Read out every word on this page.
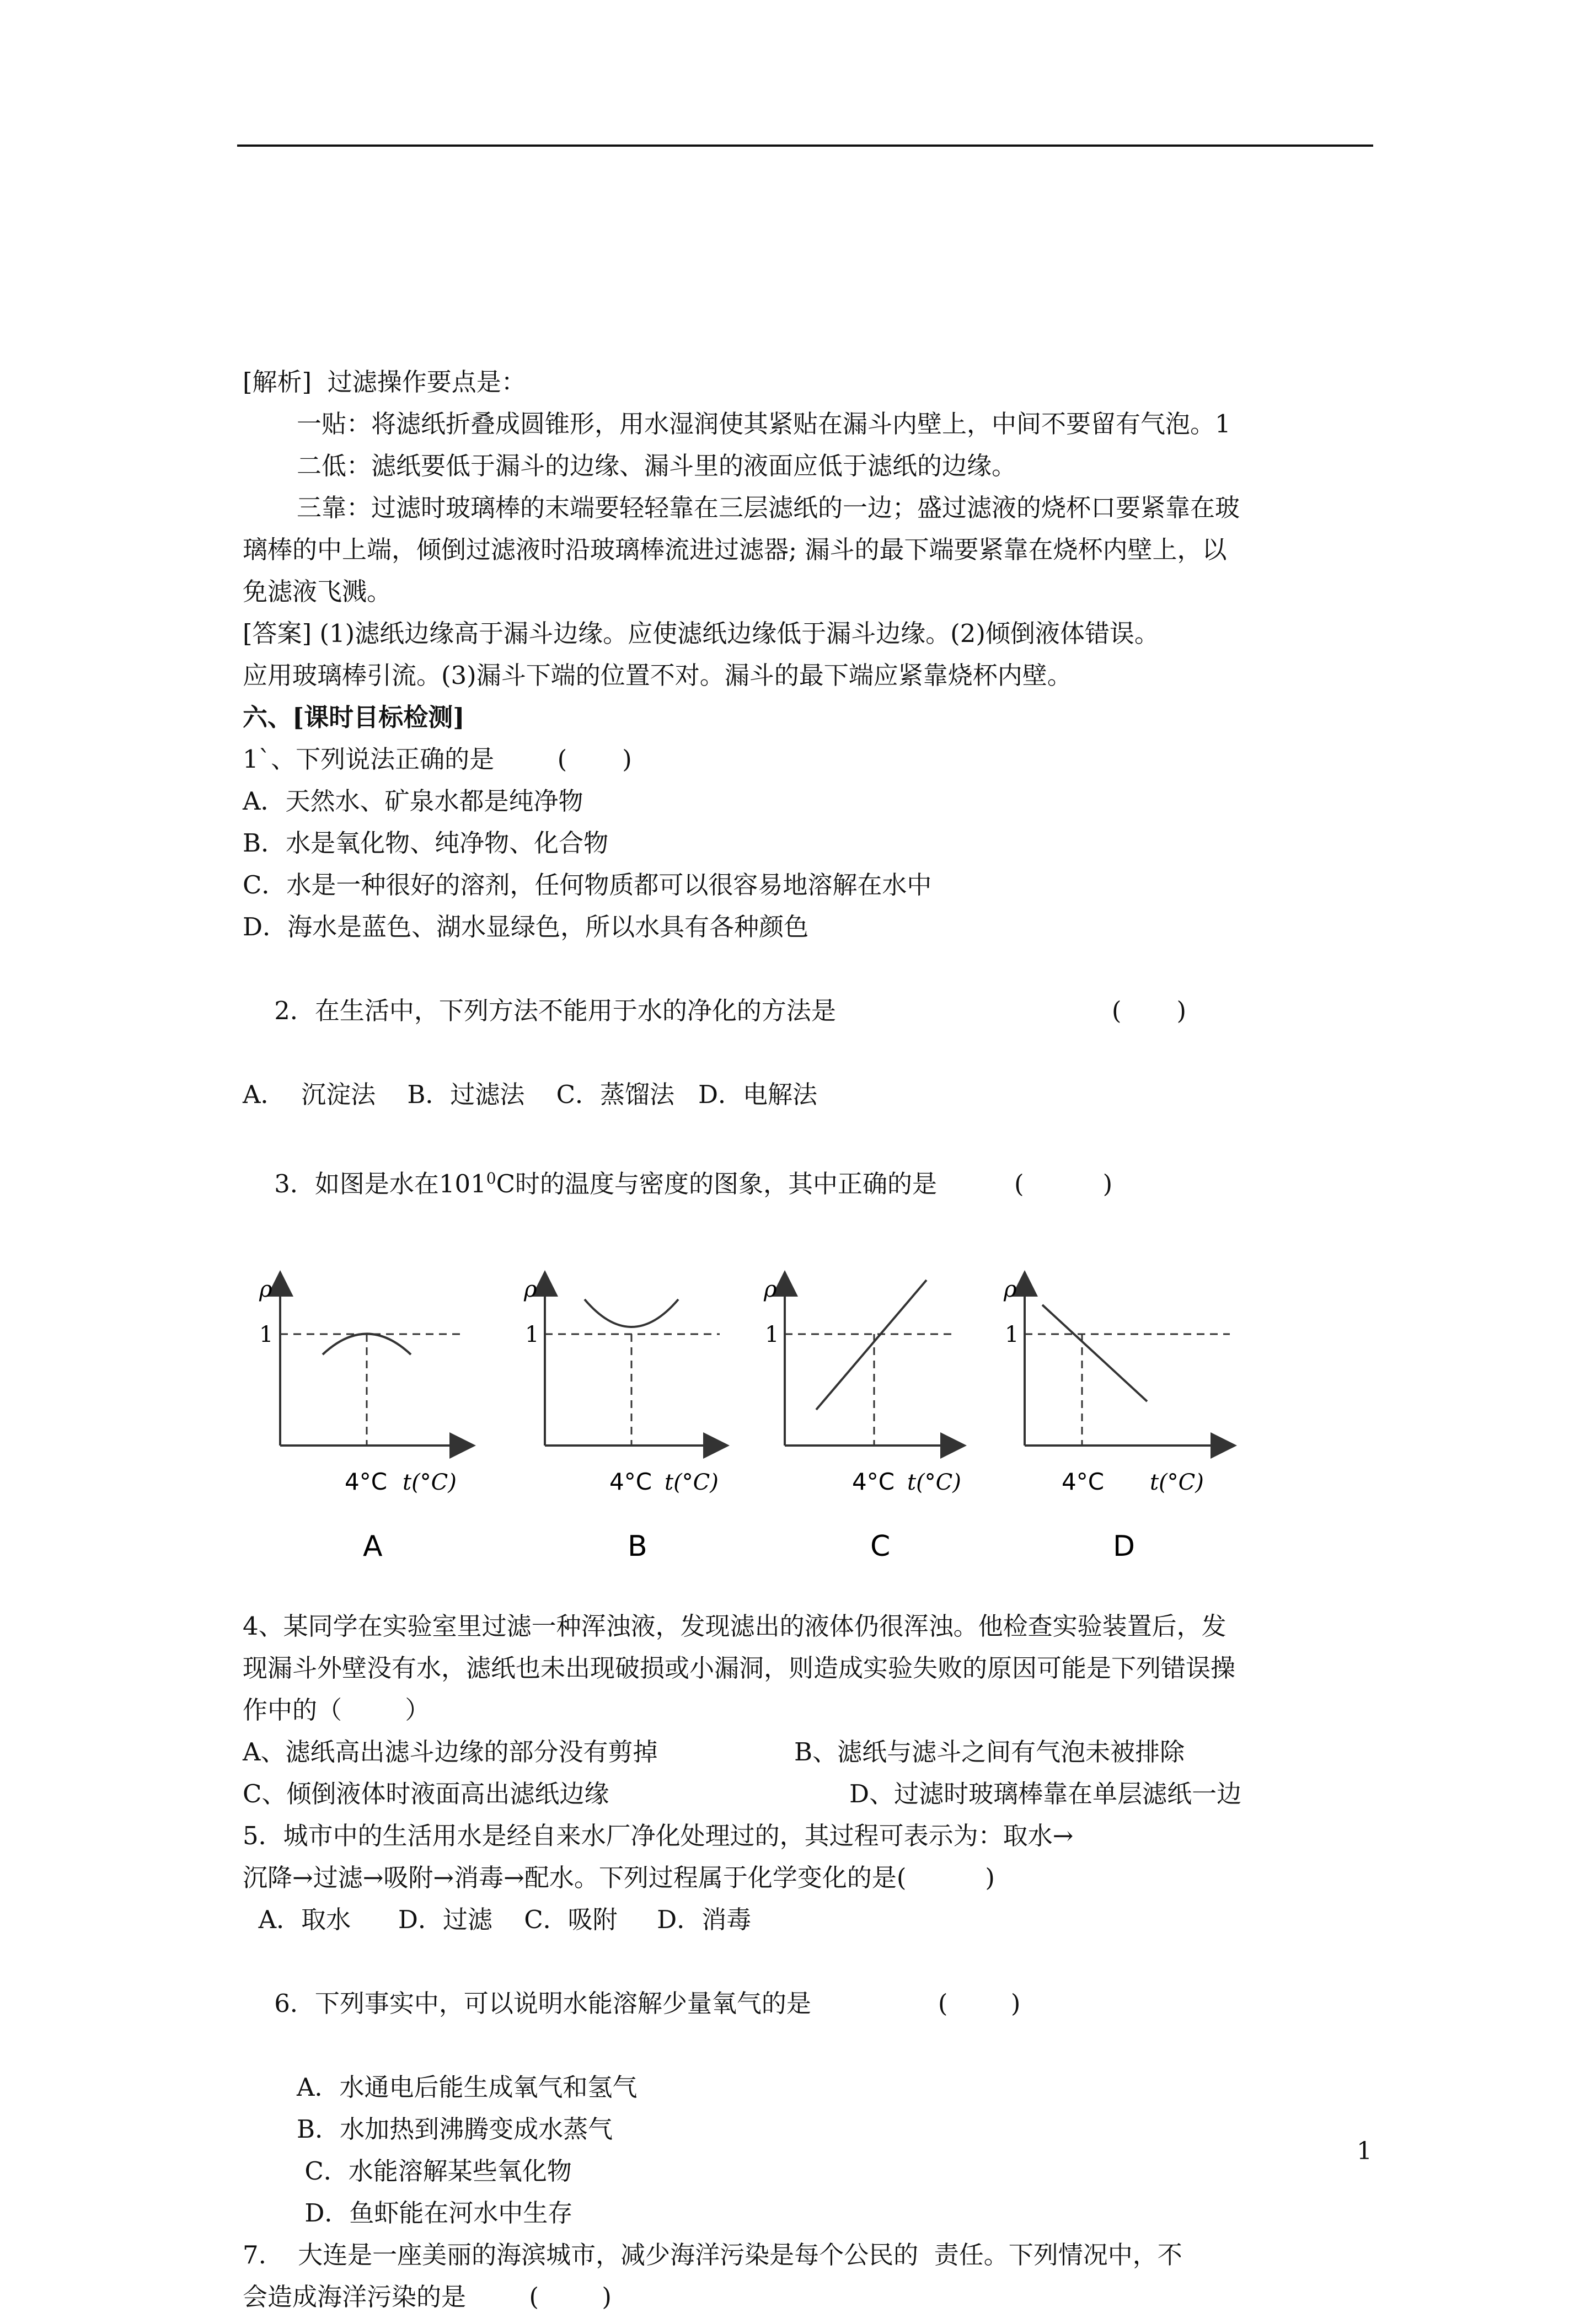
[解析]  过滤操作要点是：

一贴：将滤纸折叠成圆锥形，用水湿润使其紧贴在漏斗内壁上，中间不要留有气泡。1

二低：滤纸要低于漏斗的边缘、漏斗里的液面应低于滤纸的边缘。

三靠：过滤时玻璃棒的末端要轻轻靠在三层滤纸的一边；盛过滤液的烧杯口要紧靠在玻

璃棒的中上端，倾倒过滤液时沿玻璃棒流进过滤器; 漏斗的最下端要紧靠在烧杯内壁上，以

免滤液飞溅。

[答案] (1)滤纸边缘高于漏斗边缘。应使滤纸边缘低于漏斗边缘。(2)倾倒液体错误。

应用玻璃棒引流。(3)漏斗下端的位置不对。漏斗的最下端应紧靠烧杯内壁。

六、[课时目标检测]

1`、下列说法正确的是        (       )

A．天然水、矿泉水都是纯净物

B．水是氧化物、纯净物、化合物

C．水是一种很好的溶剂，任何物质都可以很容易地溶解在水中

D．海水是蓝色、湖水显绿色，所以水具有各种颜色

2．在生活中，下列方法不能用于水的净化的方法是	(       )

A．  沉淀法    B．过滤法    C．蒸馏法   D．电解法

3．如图是水在$101^0C$时的温度与密度的图象，其中正确的是	(          )

ρ
1
4°C t(°C)
A
ρ
1
4°C t(°C)
B
ρ
1
4°C t(°C)
C
ρ
1
4°C t(°C)
D

4、某同学在实验室里过滤一种浑浊液，发现滤出的液体仍很浑浊。他检查实验装置后，发

现漏斗外壁没有水，滤纸也未出现破损或小漏洞，则造成实验失败的原因可能是下列错误操

作中的（        ）

A、滤纸高出滤斗边缘的部分没有剪掉	B、滤纸与滤斗之间有气泡未被排除
C、倾倒液体时液面高出滤纸边缘	D、过滤时玻璃棒靠在单层滤纸一边

5．城市中的生活用水是经自来水厂净化处理过的，其过程可表示为：取水→

沉降→过滤→吸附→消毒→配水。下列过程属于化学变化的是(          )

A．取水      D．过滤    C．吸附     D．消毒

6．下列事实中，可以说明水能溶解少量氧气的是	(        )

A．水通电后能生成氧气和氢气

B．水加热到沸腾变成水蒸气

C．水能溶解某些氧化物

D．鱼虾能在河水中生存

7.    大连是一座美丽的海滨城市，减少海洋污染是每个公民的  责任。下列情况中，不

会造成海洋污染的是        (        )

1
